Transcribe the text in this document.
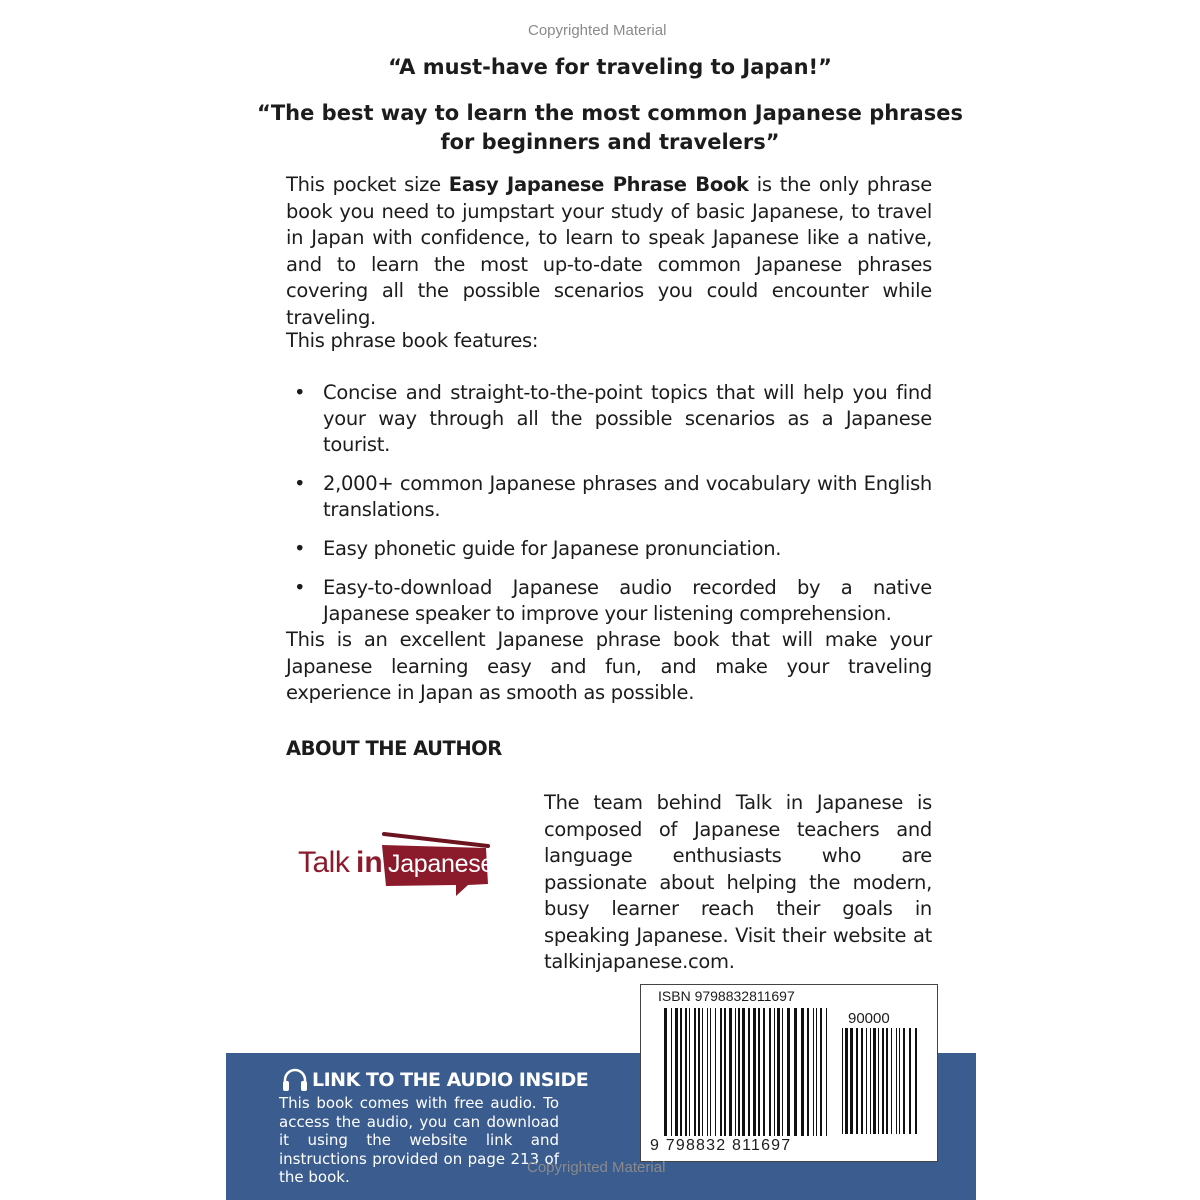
Copyrighted Material
“A must-have for traveling to Japan!”
“The best way to learn the most common Japanese phrases
for beginners and travelers”
This pocket size Easy Japanese Phrase Book is the only phrase book you need to jumpstart your study of basic Japanese, to travel in Japan with confidence, to learn to speak Japanese like a native, and to learn the most up-to-date common Japanese phrases covering all the possible scenarios you could encounter while traveling.
This phrase book features:
• Concise and straight-to-the-point topics that will help you find your way through all the possible scenarios as a Japanese tourist.
• 2,000+ common Japanese phrases and vocabulary with English translations.
• Easy phonetic guide for Japanese pronunciation.
• Easy-to-download Japanese audio recorded by a native Japanese speaker to improve your listening comprehension.
This is an excellent Japanese phrase book that will make your Japanese learning easy and fun, and make your traveling experience in Japan as smooth as possible.
ABOUT THE AUTHOR
Talk in Japanese
The team behind Talk in Japanese is composed of Japanese teachers and language enthusiasts who are passionate about helping the modern, busy learner reach their goals in speaking Japanese. Visit their website at talkinjapanese.com.
LINK TO THE AUDIO INSIDE
This book comes with free audio. To access the audio, you can download it using the website link and instructions provided on page 213 of the book.
ISBN 9798832811697
90000
9 798832 811697
Copyrighted Material
